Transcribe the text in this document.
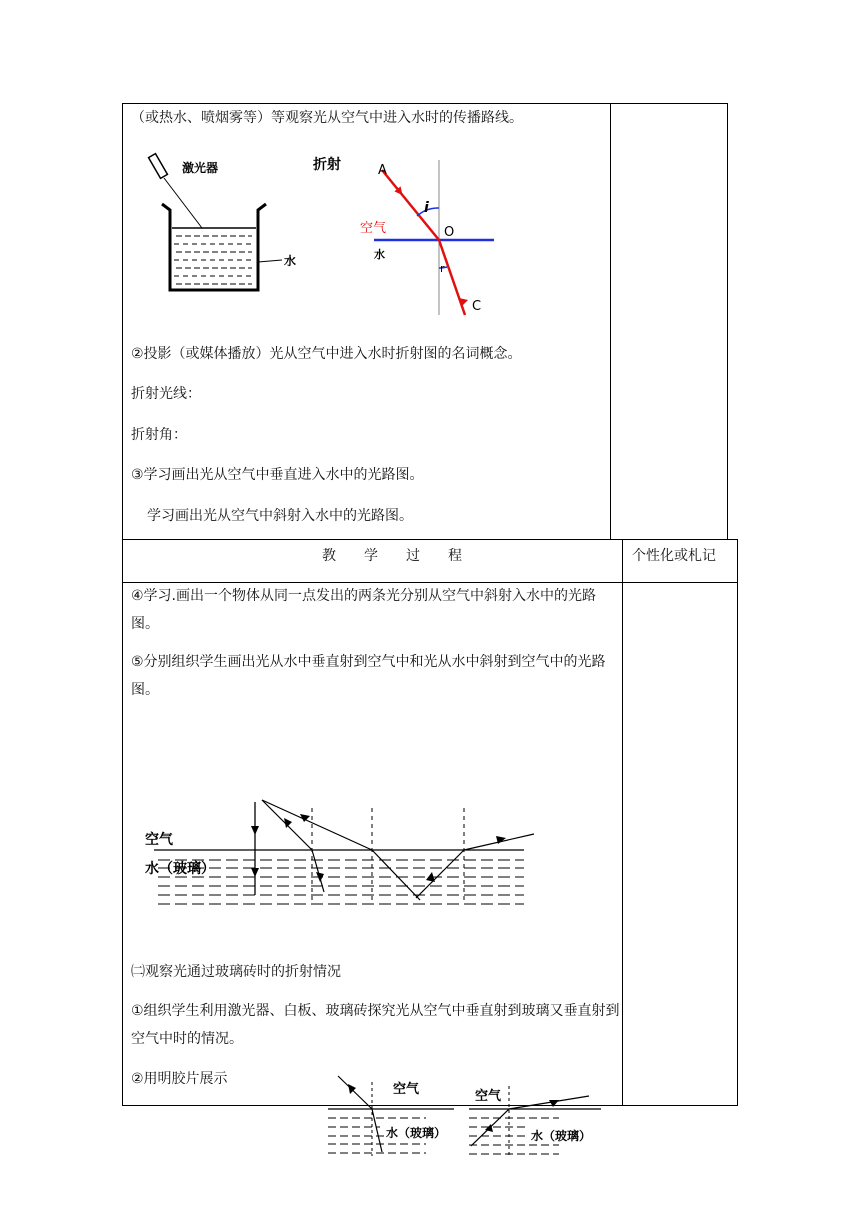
（或热水、喷烟雾等）等观察光从空气中进入水时的传播路线。
激光器
水
折射	A
i
空气	O
水
r
C
②投影（或媒体播放）光从空气中进入水时折射图的名词概念。
折射光线：
折射角：
③学习画出光从空气中垂直进入水中的光路图。
学习画出光从空气中斜射入水中的光路图。
教　　学　　过　　程	个性化或札记
④学习.画出一个物体从同一点发出的两条光分别从空气中斜射入水中的光路图。
⑤分别组织学生画出光从水中垂直射到空气中和光从水中斜射到空气中的光路图。
空气
水（玻璃）
㈡观察光通过玻璃砖时的折射情况
①组织学生利用激光器、白板、玻璃砖探究光从空气中垂直射到玻璃又垂直射到空气中时的情况。
②用明胶片展示
空气
水（玻璃）
空气
水（玻璃）
